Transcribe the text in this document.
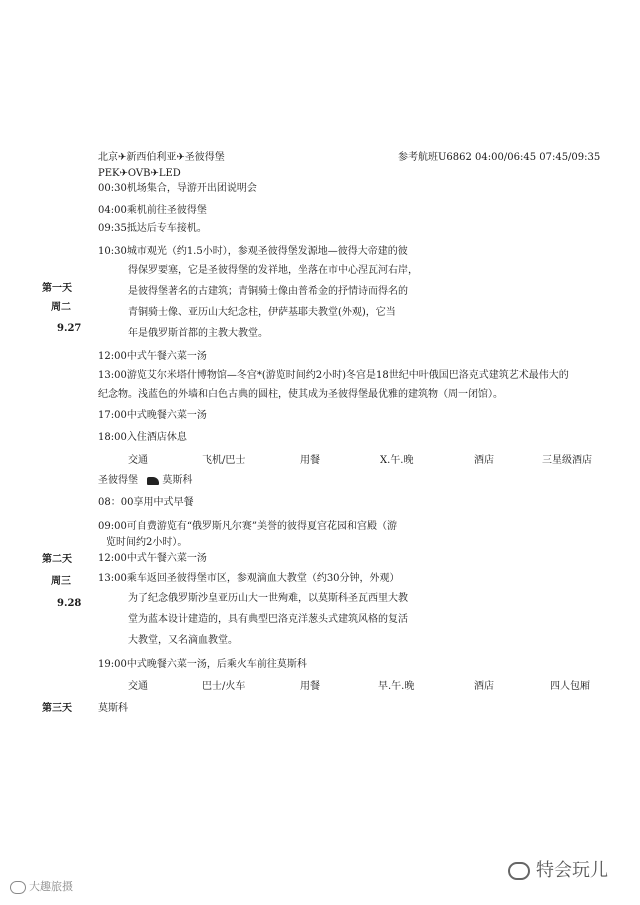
北京✈新西伯利亚✈圣彼得堡	参考航班U6862 04:00/06:45 07:45/09:35
PEK✈OVB✈LED
00:30机场集合，导游开出团说明会
04:00乘机前往圣彼得堡
09:35抵达后专车接机。
10:30城市观光（约1.5小时），参观圣彼得堡发源地—彼得大帝建的彼
得保罗要塞，它是圣彼得堡的发祥地，坐落在市中心涅瓦河右岸，
是彼得堡著名的古建筑；青铜骑士像由普希金的抒情诗而得名的
青铜骑士像、亚历山大纪念柱，伊萨基耶夫教堂(外观)，它当
年是俄罗斯首都的主教大教堂。
第一天
周二
9.27
12:00中式午餐六菜一汤
13:00游览艾尔米塔什博物馆—冬宫*(游览时间约2小时)冬宫是18世纪中叶俄国巴洛克式建筑艺术最伟大的
纪念物。浅蓝色的外墙和白色古典的圆柱，使其成为圣彼得堡最优雅的建筑物（周一闭馆）。
17:00中式晚餐六菜一汤
18:00入住酒店休息
交通	飞机/巴士	用餐	X.午.晚	酒店	三星级酒店
圣彼得堡 莫斯科
08：00享用中式早餐
09:00可自费游览有“俄罗斯凡尔赛”美誉的彼得夏宫花园和宫殿（游
览时间约2小时）。
12:00中式午餐六菜一汤
第二天
周三
9.28
13:00乘车返回圣彼得堡市区，参观滴血大教堂（约30分钟，外观）
为了纪念俄罗斯沙皇亚历山大一世殉难，以莫斯科圣瓦西里大教
堂为蓝本设计建造的，具有典型巴洛克洋葱头式建筑风格的复活
大教堂，又名滴血教堂。
19:00中式晚餐六菜一汤，后乘火车前往莫斯科
交通	巴士/火车	用餐	早.午.晚	酒店	四人包厢
第三天	莫斯科
大趣旅摄
特会玩儿
